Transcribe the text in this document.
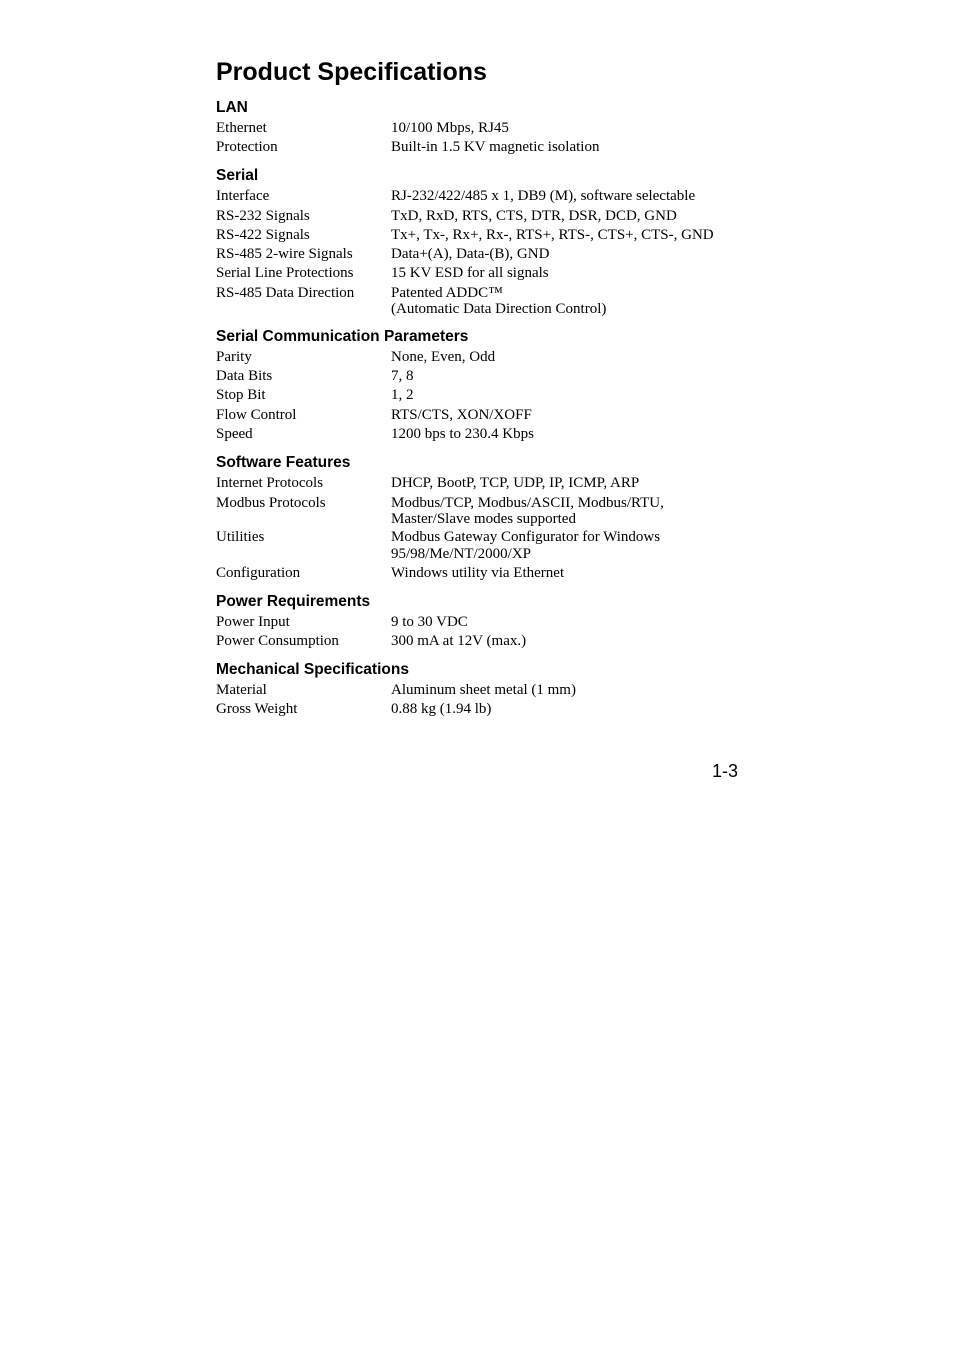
Product Specifications
LAN
Ethernet	10/100 Mbps, RJ45
Protection	Built-in 1.5 KV magnetic isolation
Serial
Interface	RJ-232/422/485 x 1, DB9 (M), software selectable
RS-232 Signals	TxD, RxD, RTS, CTS, DTR, DSR, DCD, GND
RS-422 Signals	Tx+, Tx-, Rx+, Rx-, RTS+, RTS-, CTS+, CTS-, GND
RS-485 2-wire Signals	Data+(A), Data-(B), GND
Serial Line Protections	15 KV ESD for all signals
RS-485 Data Direction	Patented ADDC™
(Automatic Data Direction Control)
Serial Communication Parameters
Parity	None, Even, Odd
Data Bits	7, 8
Stop Bit	1, 2
Flow Control	RTS/CTS, XON/XOFF
Speed	1200 bps to 230.4 Kbps
Software Features
Internet Protocols	DHCP, BootP, TCP, UDP, IP, ICMP, ARP
Modbus Protocols	Modbus/TCP, Modbus/ASCII, Modbus/RTU,
Master/Slave modes supported
Utilities	Modbus Gateway Configurator for Windows
95/98/Me/NT/2000/XP
Configuration	Windows utility via Ethernet
Power Requirements
Power Input	9 to 30 VDC
Power Consumption	300 mA at 12V (max.)
Mechanical Specifications
Material	Aluminum sheet metal (1 mm)
Gross Weight	0.88 kg (1.94 lb)
1-3
